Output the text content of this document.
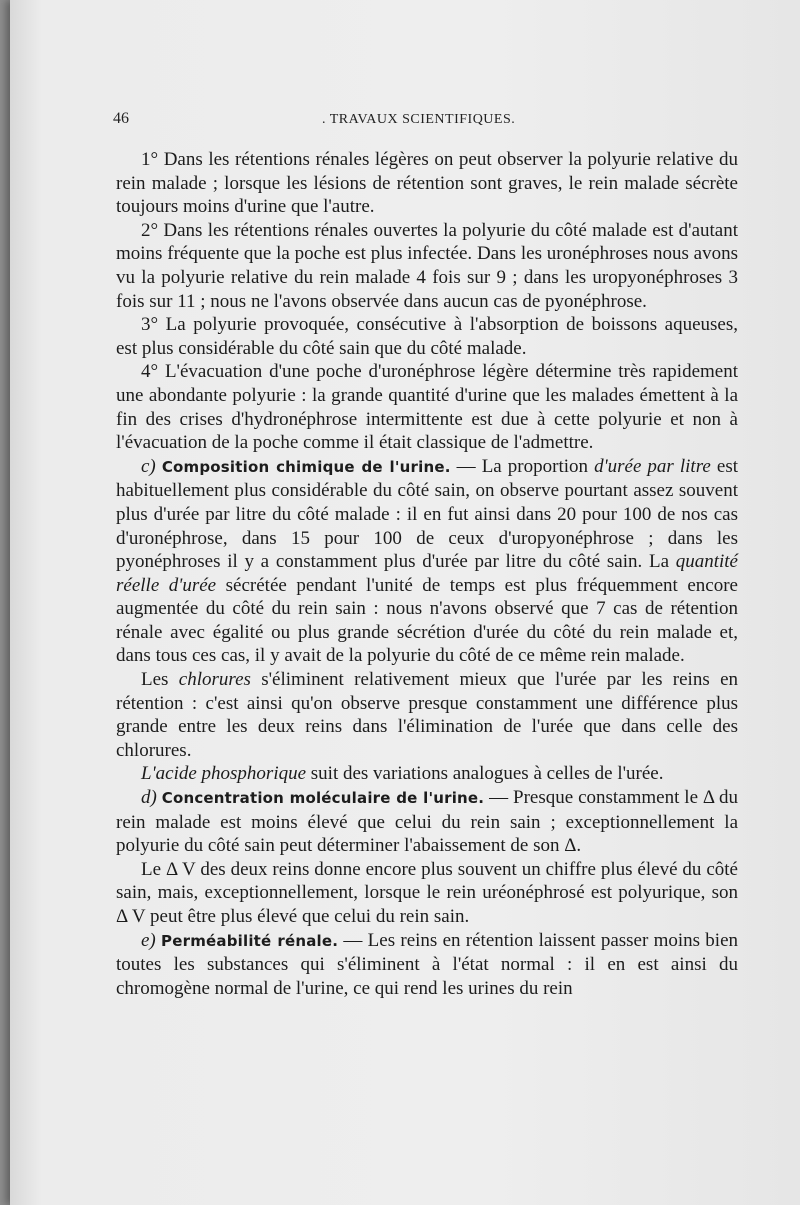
46	. TRAVAUX SCIENTIFIQUES.

1° Dans les rétentions rénales légères on peut observer la polyurie relative du rein malade ; lorsque les lésions de rétention sont graves, le rein malade sécrète toujours moins d'urine que l'autre.

2° Dans les rétentions rénales ouvertes la polyurie du côté malade est d'autant moins fréquente que la poche est plus infectée. Dans les uronéphroses nous avons vu la polyurie relative du rein malade 4 fois sur 9 ; dans les uropyonéphroses 3 fois sur 11 ; nous ne l'avons observée dans aucun cas de pyonéphrose.

3° La polyurie provoquée, consécutive à l'absorption de boissons aqueuses, est plus considérable du côté sain que du côté malade.

4° L'évacuation d'une poche d'uronéphrose légère détermine très rapidement une abondante polyurie : la grande quantité d'urine que les malades émettent à la fin des crises d'hydronéphrose intermittente est due à cette polyurie et non à l'évacuation de la poche comme il était classique de l'admettre.

c) Composition chimique de l'urine. — La proportion d'urée par litre est habituellement plus considérable du côté sain, on observe pourtant assez souvent plus d'urée par litre du côté malade : il en fut ainsi dans 20 pour 100 de nos cas d'uronéphrose, dans 15 pour 100 de ceux d'uropyonéphrose ; dans les pyonéphroses il y a constamment plus d'urée par litre du côté sain. La quantité réelle d'urée sécrétée pendant l'unité de temps est plus fréquemment encore augmentée du côté du rein sain : nous n'avons observé que 7 cas de rétention rénale avec égalité ou plus grande sécrétion d'urée du côté du rein malade et, dans tous ces cas, il y avait de la polyurie du côté de ce même rein malade.

Les chlorures s'éliminent relativement mieux que l'urée par les reins en rétention : c'est ainsi qu'on observe presque constamment une différence plus grande entre les deux reins dans l'élimination de l'urée que dans celle des chlorures.

L'acide phosphorique suit des variations analogues à celles de l'urée.

d) Concentration moléculaire de l'urine. — Presque constamment le Δ du rein malade est moins élevé que celui du rein sain ; exceptionnellement la polyurie du côté sain peut déterminer l'abaissement de son Δ.

Le Δ V des deux reins donne encore plus souvent un chiffre plus élevé du côté sain, mais, exceptionnellement, lorsque le rein uréonéphrosé est polyurique, son Δ V peut être plus élevé que celui du rein sain.

e) Perméabilité rénale. — Les reins en rétention laissent passer moins bien toutes les substances qui s'éliminent à l'état normal : il en est ainsi du chromogène normal de l'urine, ce qui rend les urines du rein
